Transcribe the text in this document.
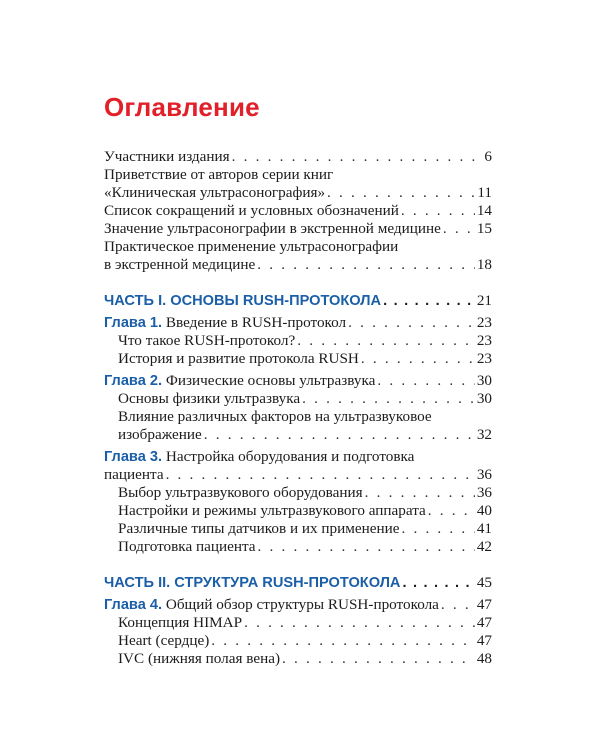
Оглавление
Участники издания . . .	6
Приветствие от авторов серии книг
«Клиническая ультрасонография» . . .	11
Список сокращений и условных обозначений . . .	14
Значение ультрасонографии в экстренной медицине . . . 15
Практическое применение ультрасонографии
в экстренной медицине . . .	18
ЧАСТЬ I. ОСНОВЫ RUSH-ПРОТОКОЛА . . .	21
Глава 1. Введение в RUSH-протокол . . .	23
Что такое RUSH-протокол? . . .	23
История и развитие протокола RUSH . . .	23
Глава 2. Физические основы ультразвука . . .	30
Основы физики ультразвука . . .	30
Влияние различных факторов на ультразвуковое
изображение . . .	32
Глава 3. Настройка оборудования и подготовка
пациента . . .	36
Выбор ультразвукового оборудования . . .	36
Настройки и режимы ультразвукового аппарата . . .	40
Различные типы датчиков и их применение . . .	41
Подготовка пациента . . .	42
ЧАСТЬ II. СТРУКТУРА RUSH-ПРОТОКОЛА . . .	45
Глава 4. Общий обзор структуры RUSH-протокола . . . 47
Концепция HIMAP . . .	47
Heart (сердце) . . .	47
IVC (нижняя полая вена) . . .	48
